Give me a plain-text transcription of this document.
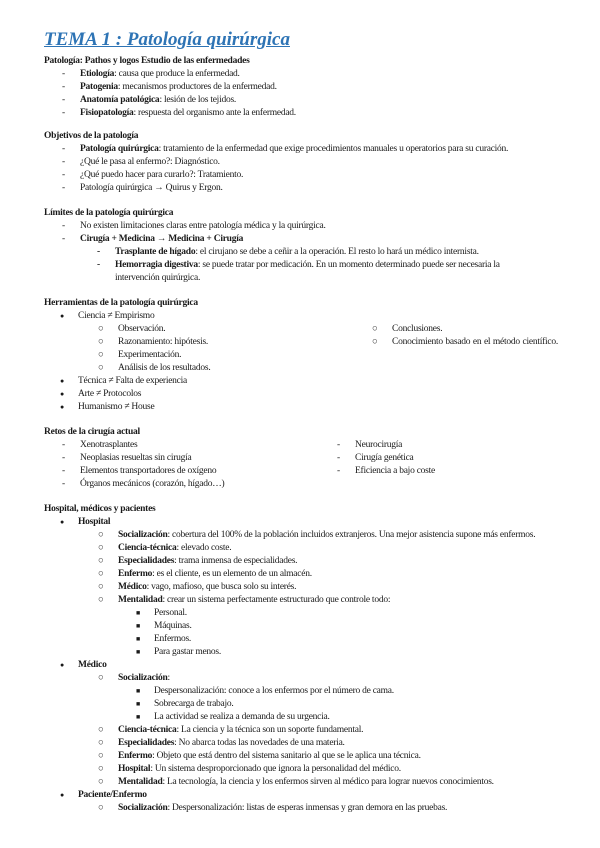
TEMA 1 : Patología quirúrgica
Patología: Pathos y logos Estudio de las enfermedades
- Etiología: causa que produce la enfermedad.
- Patogenia: mecanismos productores de la enfermedad.
- Anatomía patológica: lesión de los tejidos.
- Fisiopatología: respuesta del organismo ante la enfermedad.
Objetivos de la patología
- Patología quirúrgica: tratamiento de la enfermedad que exige procedimientos manuales u operatorios para su curación.
- ¿Qué le pasa al enfermo?: Diagnóstico.
- ¿Qué puedo hacer para curarlo?: Tratamiento.
- Patología quirúrgica → Quirus y Ergon.
Límites de la patología quirúrgica
- No existen limitaciones claras entre patología médica y la quirúrgica.
- Cirugía + Medicina → Medicina + Cirugía
- Trasplante de hígado: el cirujano se debe a ceñir a la operación. El resto lo hará un médico internista.
-	Hemorragia digestiva: se puede tratar por medicación. En un momento determinado puede ser necesaria la intervención quirúrgica.
Herramientas de la patología quirúrgica
● Ciencia ≠ Empirismo
○ Observación.
○ Razonamiento: hipótesis.
○ Experimentación.
○ Análisis de los resultados.
○ Conclusiones.
○	Conocimiento basado en el método científico.
● Técnica ≠ Falta de experiencia
● Arte ≠ Protocolos
● Humanismo ≠ House
Retos de la cirugía actual
- Xenotrasplantes
- Neoplasias resueltas sin cirugía
- Elementos transportadores de oxígeno
- Órganos mecánicos (corazón, hígado…)
- Neurocirugía
- Cirugía genética
- Eficiencia a bajo coste
Hospital, médicos y pacientes
● Hospital
○ Socialización: cobertura del 100% de la población incluidos extranjeros. Una mejor asistencia supone más enfermos.
○ Ciencia-técnica: elevado coste.
○ Especialidades: trama inmensa de especialidades.
○ Enfermo: es el cliente, es un elemento de un almacén.
○ Médico: vago, mafioso, que busca solo su interés.
○ Mentalidad: crear un sistema perfectamente estructurado que controle todo:
■ Personal.
■ Máquinas.
■ Enfermos.
■ Para gastar menos.
● Médico
○ Socialización:
■ Despersonalización: conoce a los enfermos por el número de cama.
■ Sobrecarga de trabajo.
■ La actividad se realiza a demanda de su urgencia.
○ Ciencia-técnica: La ciencia y la técnica son un soporte fundamental.
○ Especialidades: No abarca todas las novedades de una materia.
○ Enfermo: Objeto que está dentro del sistema sanitario al que se le aplica una técnica.
○ Hospital: Un sistema desproporcionado que ignora la personalidad del médico.
○ Mentalidad: La tecnología, la ciencia y los enfermos sirven al médico para lograr nuevos conocimientos.
● Paciente/Enfermo
○ Socialización: Despersonalización: listas de esperas inmensas y gran demora en las pruebas.
